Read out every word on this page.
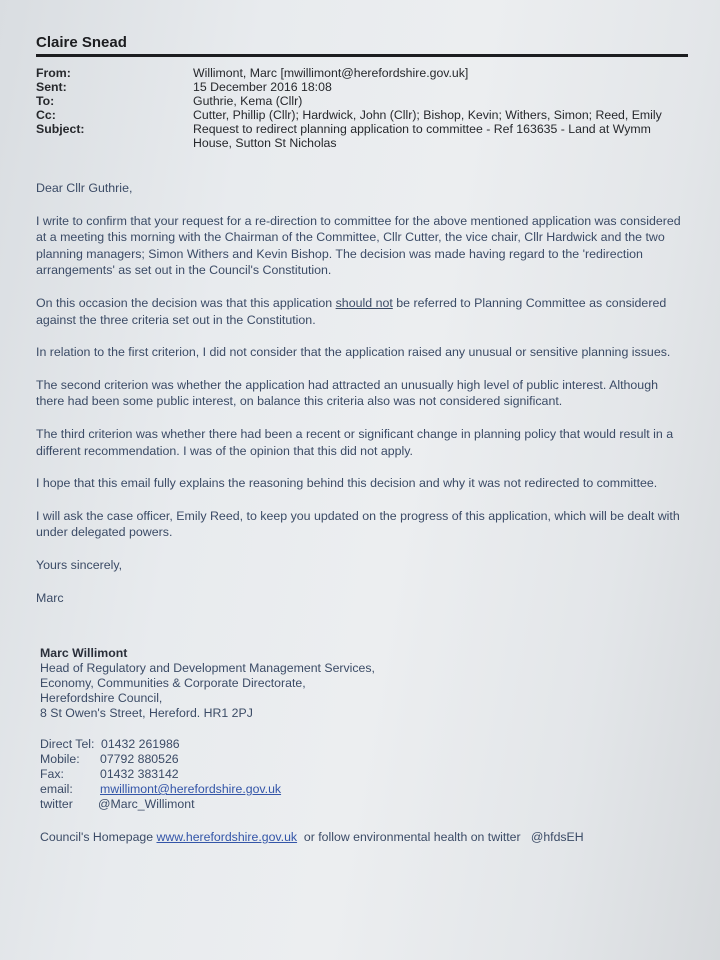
Claire Snead
From:	Willimont, Marc [mwillimont@herefordshire.gov.uk]
Sent:	15 December 2016 18:08
To:	Guthrie, Kema (Cllr)
Cc:	Cutter, Phillip (Cllr); Hardwick, John (Cllr); Bishop, Kevin; Withers, Simon; Reed, Emily
Subject:	Request to redirect planning application to committee - Ref 163635 - Land at Wymm
House, Sutton St Nicholas

Dear Cllr Guthrie,

I write to confirm that your request for a re-direction to committee for the above mentioned application was considered at a meeting this morning with the Chairman of the Committee, Cllr Cutter, the vice chair, Cllr Hardwick and the two planning managers; Simon Withers and Kevin Bishop. The decision was made having regard to the 'redirection arrangements' as set out in the Council's Constitution.

On this occasion the decision was that this application should not be referred to Planning Committee as considered against the three criteria set out in the Constitution.

In relation to the first criterion, I did not consider that the application raised any unusual or sensitive planning issues.

The second criterion was whether the application had attracted an unusually high level of public interest. Although there had been some public interest, on balance this criteria also was not considered significant.

The third criterion was whether there had been a recent or significant change in planning policy that would result in a different recommendation. I was of the opinion that this did not apply.

I hope that this email fully explains the reasoning behind this decision and why it was not redirected to committee.

I will ask the case officer, Emily Reed, to keep you updated on the progress of this application, which will be dealt with under delegated powers.

Yours sincerely,

Marc

Marc Willimont
Head of Regulatory and Development Management Services,
Economy, Communities & Corporate Directorate,
Herefordshire Council,
8 St Owen's Street, Hereford. HR1 2PJ
Direct Tel: 01432 261986
Mobile:	07792 880526
Fax:	01432 383142
email:	mwillimont@herefordshire.gov.uk
twitter	@Marc_Willimont
Council's Homepage www.herefordshire.gov.uk  or follow environmental health on twitter   @hfdsEH
